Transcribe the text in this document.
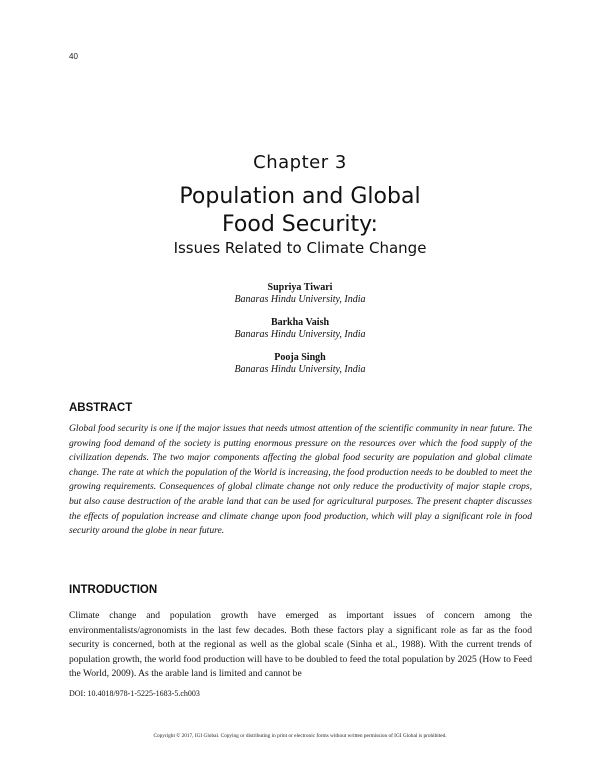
40
Chapter 3
Population and Global
Food Security:
Issues Related to Climate Change
Supriya Tiwari
Banaras Hindu University, India
Barkha Vaish
Banaras Hindu University, India
Pooja Singh
Banaras Hindu University, India
ABSTRACT
Global food security is one if the major issues that needs utmost attention of the scientific community in near future. The growing food demand of the society is putting enormous pressure on the resources over which the food supply of the civilization depends. The two major components affecting the global food security are population and global climate change. The rate at which the population of the World is increasing, the food production needs to be doubled to meet the growing requirements. Consequences of global climate change not only reduce the productivity of major staple crops, but also cause destruction of the arable land that can be used for agricultural purposes. The present chapter discusses the effects of population increase and climate change upon food production, which will play a significant role in food security around the globe in near future.
INTRODUCTION
Climate change and population growth have emerged as important issues of concern among the environmentalists/agronomists in the last few decades. Both these factors play a significant role as far as the food security is concerned, both at the regional as well as the global scale (Sinha et al., 1988). With the current trends of population growth, the world food production will have to be doubled to feed the total population by 2025 (How to Feed the World, 2009). As the arable land is limited and cannot be
DOI: 10.4018/978-1-5225-1683-5.ch003
Copyright © 2017, IGI Global. Copying or distributing in print or electronic forms without written permission of IGI Global is prohibited.
